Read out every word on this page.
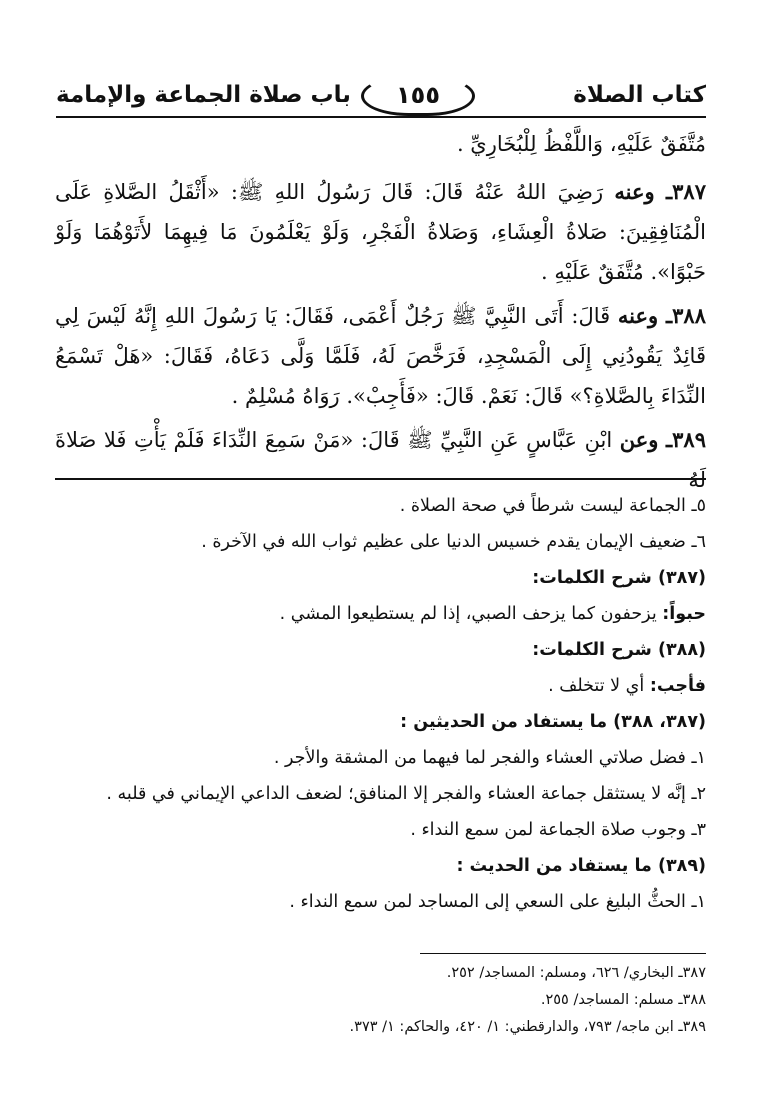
كتاب الصلاة
١٥٥
باب صلاة الجماعة والإمامة
مُتَّفَقٌ عَلَيْهِ، وَاللَّفْظُ لِلْبُخَارِيِّ .
٣٨٧ـ وعنه رَضِيَ اللهُ عَنْهُ قَالَ: قَالَ رَسُولُ اللهِ ﷺ: «أَثْقَلُ الصَّلاةِ عَلَى الْمُنَافِقِينَ: صَلاةُ الْعِشَاءِ، وَصَلاةُ الْفَجْرِ، وَلَوْ يَعْلَمُونَ مَا فِيهِمَا لأَتَوْهُمَا وَلَوْ حَبْوًا». مُتَّفَقٌ عَلَيْهِ .
٣٨٨ـ وعنه قَالَ: أَتَى النَّبِيَّ ﷺ رَجُلٌ أَعْمَى، فَقَالَ: يَا رَسُولَ اللهِ إِنَّهُ لَيْسَ لِي قَائِدٌ يَقُودُنِي إِلَى الْمَسْجِدِ، فَرَخَّصَ لَهُ، فَلَمَّا وَلَّى دَعَاهُ، فَقَالَ: «هَلْ تَسْمَعُ النِّدَاءَ بِالصَّلاةِ؟» قَالَ: نَعَمْ. قَالَ: «فَأَجِبْ». رَوَاهُ مُسْلِمٌ .
٣٨٩ـ وعن ابْنِ عَبَّاسٍ عَنِ النَّبِيِّ ﷺ قَالَ: «مَنْ سَمِعَ النِّدَاءَ فَلَمْ يَأْتِ فَلا صَلاةَ لَهُ
٥ـ الجماعة ليست شرطاً في صحة الصلاة .
٦ـ ضعيف الإيمان يقدم خسيس الدنيا على عظيم ثواب الله في الآخرة .
(٣٨٧) شرح الكلمات:
حبواً: يزحفون كما يزحف الصبي، إذا لم يستطيعوا المشي .
(٣٨٨) شرح الكلمات:
فأجب: أي لا تتخلف .
(٣٨٧، ٣٨٨) ما يستفاد من الحديثين :
١ـ فضل صلاتي العشاء والفجر لما فيهما من المشقة والأجر .
٢ـ إنَّه لا يستثقل جماعة العشاء والفجر إلا المنافق؛ لضعف الداعي الإيماني في قلبه .
٣ـ وجوب صلاة الجماعة لمن سمع النداء .
(٣٨٩) ما يستفاد من الحديث :
١ـ الحثُّ البليغ على السعي إلى المساجد لمن سمع النداء .
٣٨٧ـ البخاري/ ٦٢٦، ومسلم: المساجد/ ٢٥٢.
٣٨٨ـ مسلم: المساجد/ ٢٥٥.
٣٨٩ـ ابن ماجه/ ٧٩٣، والدارقطني: ١/ ٤٢٠، والحاكم: ١/ ٣٧٣.
